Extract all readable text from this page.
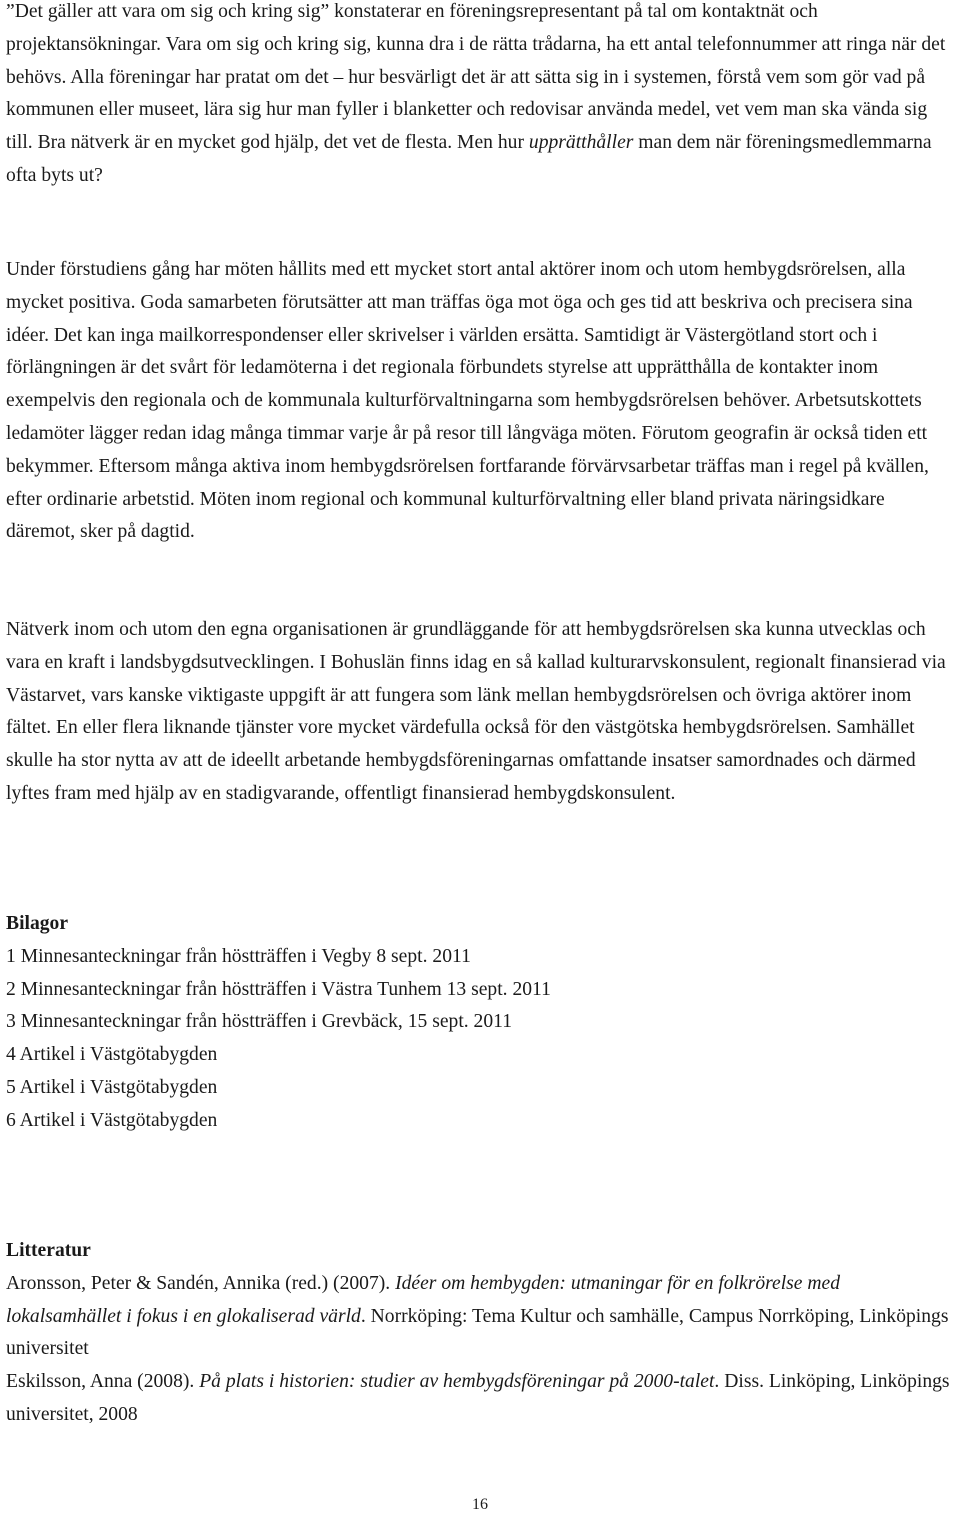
”Det gäller att vara om sig och kring sig” konstaterar en föreningsrepresentant på tal om kontaktnät och projektansökningar. Vara om sig och kring sig, kunna dra i de rätta trådarna, ha ett antal telefonnummer att ringa när det behövs. Alla föreningar har pratat om det – hur besvärligt det är att sätta sig in i systemen, förstå vem som gör vad på kommunen eller museet, lära sig hur man fyller i blanketter och redovisar använda medel, vet vem man ska vända sig till. Bra nätverk är en mycket god hjälp, det vet de flesta. Men hur upprätthåller man dem när föreningsmedlemmarna ofta byts ut?

Under förstudiens gång har möten hållits med ett mycket stort antal aktörer inom och utom hembygdsrörelsen, alla mycket positiva. Goda samarbeten förutsätter att man träffas öga mot öga och ges tid att beskriva och precisera sina idéer. Det kan inga mailkorrespondenser eller skrivelser i världen ersätta. Samtidigt är Västergötland stort och i förlängningen är det svårt för ledamöterna i det regionala förbundets styrelse att upprätthålla de kontakter inom exempelvis den regionala och de kommunala kulturförvaltningarna som hembygdsrörelsen behöver. Arbetsutskottets ledamöter lägger redan idag många timmar varje år på resor till långväga möten. Förutom geografin är också tiden ett bekymmer. Eftersom många aktiva inom hembygdsrörelsen fortfarande förvärvsarbetar träffas man i regel på kvällen, efter ordinarie arbetstid. Möten inom regional och kommunal kulturförvaltning eller bland privata näringsidkare däremot, sker på dagtid.

Nätverk inom och utom den egna organisationen är grundläggande för att hembygdsrörelsen ska kunna utvecklas och vara en kraft i landsbygdsutvecklingen. I Bohuslän finns idag en så kallad kulturarvskonsulent, regionalt finansierad via Västarvet, vars kanske viktigaste uppgift är att fungera som länk mellan hembygdsrörelsen och övriga aktörer inom fältet. En eller flera liknande tjänster vore mycket värdefulla också för den västgötska hembygdsrörelsen. Samhället skulle ha stor nytta av att de ideellt arbetande hembygdsföreningarnas omfattande insatser samordnades och därmed lyftes fram med hjälp av en stadigvarande, offentligt finansierad hembygdskonsulent.

Bilagor
1 Minnesanteckningar från höstträffen i Vegby 8 sept. 2011
2 Minnesanteckningar från höstträffen i Västra Tunhem 13 sept. 2011
3 Minnesanteckningar från höstträffen i Grevbäck, 15 sept. 2011
4 Artikel i Västgötabygden
5 Artikel i Västgötabygden
6 Artikel i Västgötabygden
Litteratur
Aronsson, Peter & Sandén, Annika (red.) (2007). Idéer om hembygden: utmaningar för en folkrörelse med lokalsamhället i fokus i en glokaliserad värld. Norrköping: Tema Kultur och samhälle, Campus Norrköping, Linköpings universitet
Eskilsson, Anna (2008). På plats i historien: studier av hembygdsföreningar på 2000-talet. Diss. Linköping, Linköpings universitet, 2008
16
